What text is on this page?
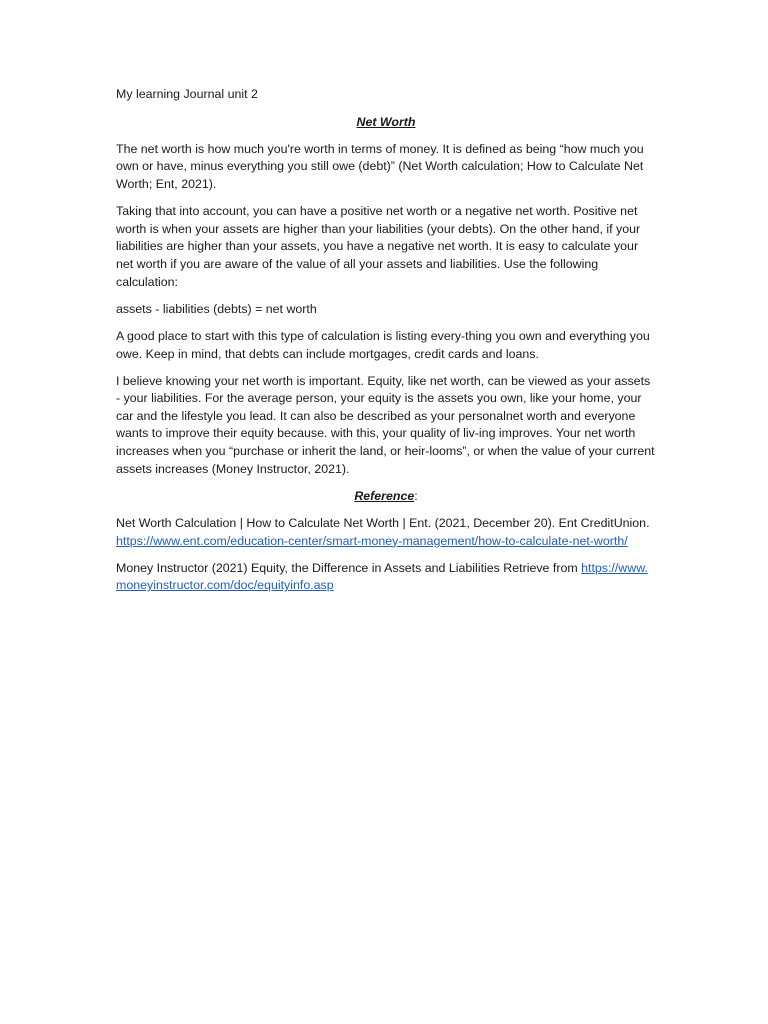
My learning Journal unit 2

Net Worth

The net worth is how much you're worth in terms of money. It is defined as being “how much you own or have, minus everything you still owe (debt)” (Net Worth calculation; How to Calculate Net Worth; Ent, 2021).

Taking that into account, you can have a positive net worth or a negative net worth. Positive net worth is when your assets are higher than your liabilities (your debts). On the other hand, if your liabilities are higher than your assets, you have a negative net worth. It is easy to calculate your net worth if you are aware of the value of all your assets and liabilities. Use the following calculation:

assets - liabilities (debts) = net worth

A good place to start with this type of calculation is listing every-thing you own and everything you owe. Keep in mind, that debts can include mortgages, credit cards and loans.

I believe knowing your net worth is important. Equity, like net worth, can be viewed as your assets - your liabilities. For the average person, your equity is the assets you own, like your home, your car and the lifestyle you lead. It can also be described as your personalnet worth and everyone wants to improve their equity because. with this, your quality of liv-ing improves. Your net worth increases when you “purchase or inherit the land, or heir-looms”, or when the value of your current assets increases (Money Instructor, 2021).

Reference:

Net Worth Calculation | How to Calculate Net Worth | Ent. (2021, December 20). Ent CreditUnion. https://www.ent.com/education-center/smart-money-management/how-to-calculate-net-worth/

Money Instructor (2021) Equity, the Difference in Assets and Liabilities Retrieve from https://www.moneyinstructor.com/doc/equityinfo.asp
